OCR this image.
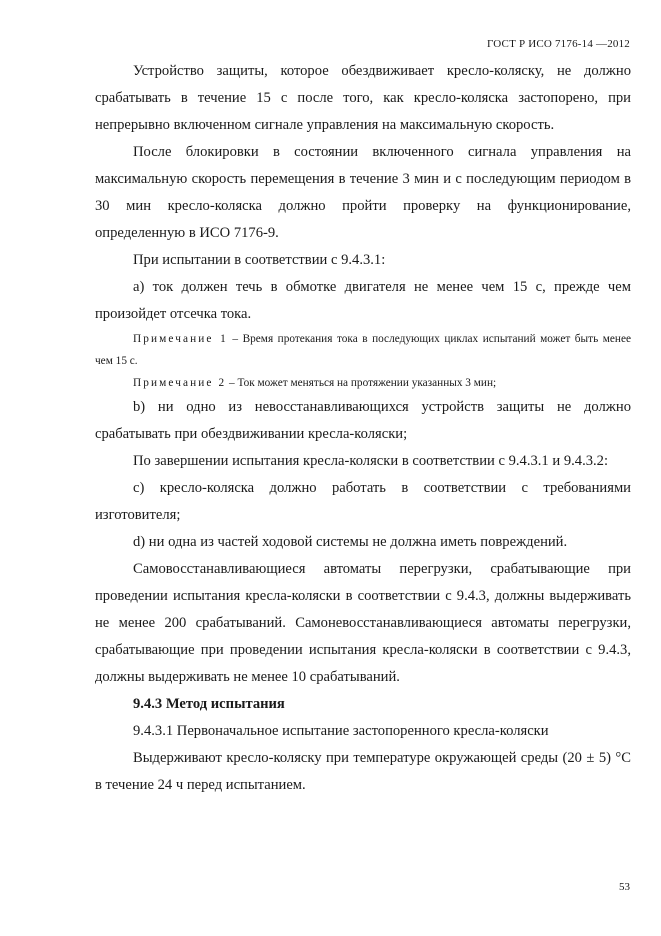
ГОСТ Р ИСО 7176-14 —2012

Устройство защиты, которое обездвиживает кресло-коляску, не должно срабатывать в течение 15 с после того, как кресло-коляска застопорено, при непрерывно включенном сигнале управления на максимальную скорость.

После блокировки в состоянии включенного сигнала управления на максимальную скорость перемещения в течение 3 мин и с последующим периодом в 30 мин кресло-коляска должно пройти проверку на функционирование, определенную в ИСО 7176-9.

При испытании в соответствии с 9.4.3.1:

а) ток должен течь в обмотке двигателя не менее чем 15 с, прежде чем произойдет отсечка тока.

Примечание 1 – Время протекания тока в последующих циклах испытаний может быть менее чем 15 с.

Примечание 2 – Ток может меняться на протяжении указанных 3 мин;

b) ни одно из невосстанавливающихся устройств защиты не должно срабатывать при обездвиживании кресла-коляски;

По завершении испытания кресла-коляски в соответствии с 9.4.3.1 и 9.4.3.2:

c) кресло-коляска должно работать в соответствии с требованиями изготовителя;

d) ни одна из частей ходовой системы не должна иметь повреждений.

Самовосстанавливающиеся автоматы перегрузки, срабатывающие при проведении испытания кресла-коляски в соответствии с 9.4.3, должны выдерживать не менее 200 срабатываний. Самоневосстанавливающиеся автоматы перегрузки, срабатывающие при проведении испытания кресла-коляски в соответствии с 9.4.3, должны выдерживать не менее 10 срабатываний.

9.4.3 Метод испытания

9.4.3.1 Первоначальное испытание застопоренного кресла-коляски

Выдерживают кресло-коляску при температуре окружающей среды (20 ± 5) °С в течение 24 ч перед испытанием.

53
